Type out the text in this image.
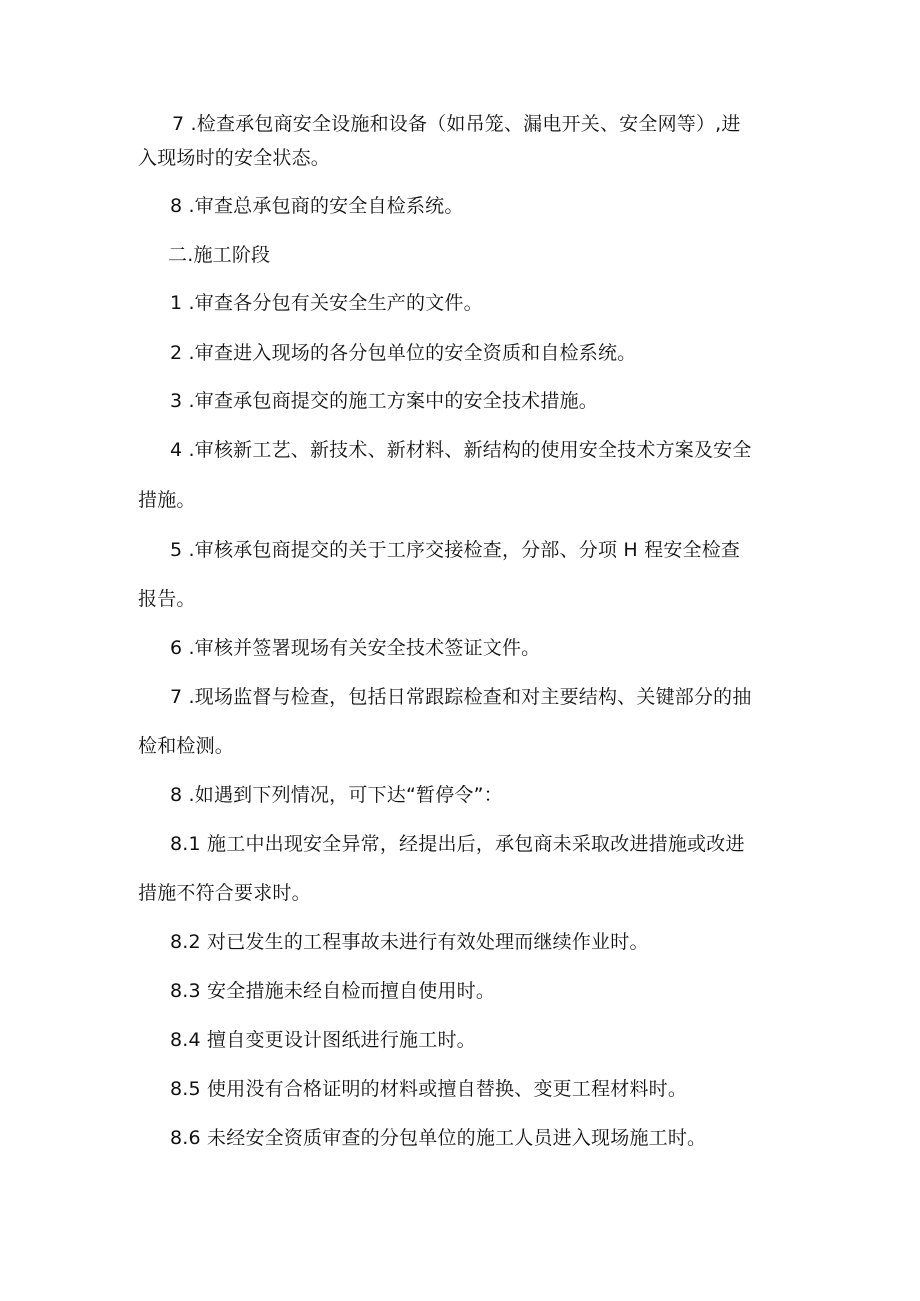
7 .检查承包商安全设施和设备（如吊笼、漏电开关、安全网等）,进
入现场时的安全状态。
8 .审查总承包商的安全自检系统。
二.施工阶段
1 .审查各分包有关安全生产的文件。
2 .审查进入现场的各分包单位的安全资质和自检系统。
3 .审查承包商提交的施工方案中的安全技术措施。
4 .审核新工艺、新技术、新材料、新结构的使用安全技术方案及安全
措施。
5 .审核承包商提交的关于工序交接检查，分部、分项 H 程安全检查
报告。
6 .审核并签署现场有关安全技术签证文件。
7 .现场监督与检查，包括日常跟踪检查和对主要结构、关键部分的抽
检和检测。
8 .如遇到下列情况，可下达“暂停令”：
8.1 施工中出现安全异常，经提出后，承包商未采取改进措施或改进
措施不符合要求时。
8.2 对已发生的工程事故未进行有效处理而继续作业时。
8.3 安全措施未经自检而擅自使用时。
8.4 擅自变更设计图纸进行施工时。
8.5 使用没有合格证明的材料或擅自替换、变更工程材料时。
8.6 未经安全资质审查的分包单位的施工人员进入现场施工时。
